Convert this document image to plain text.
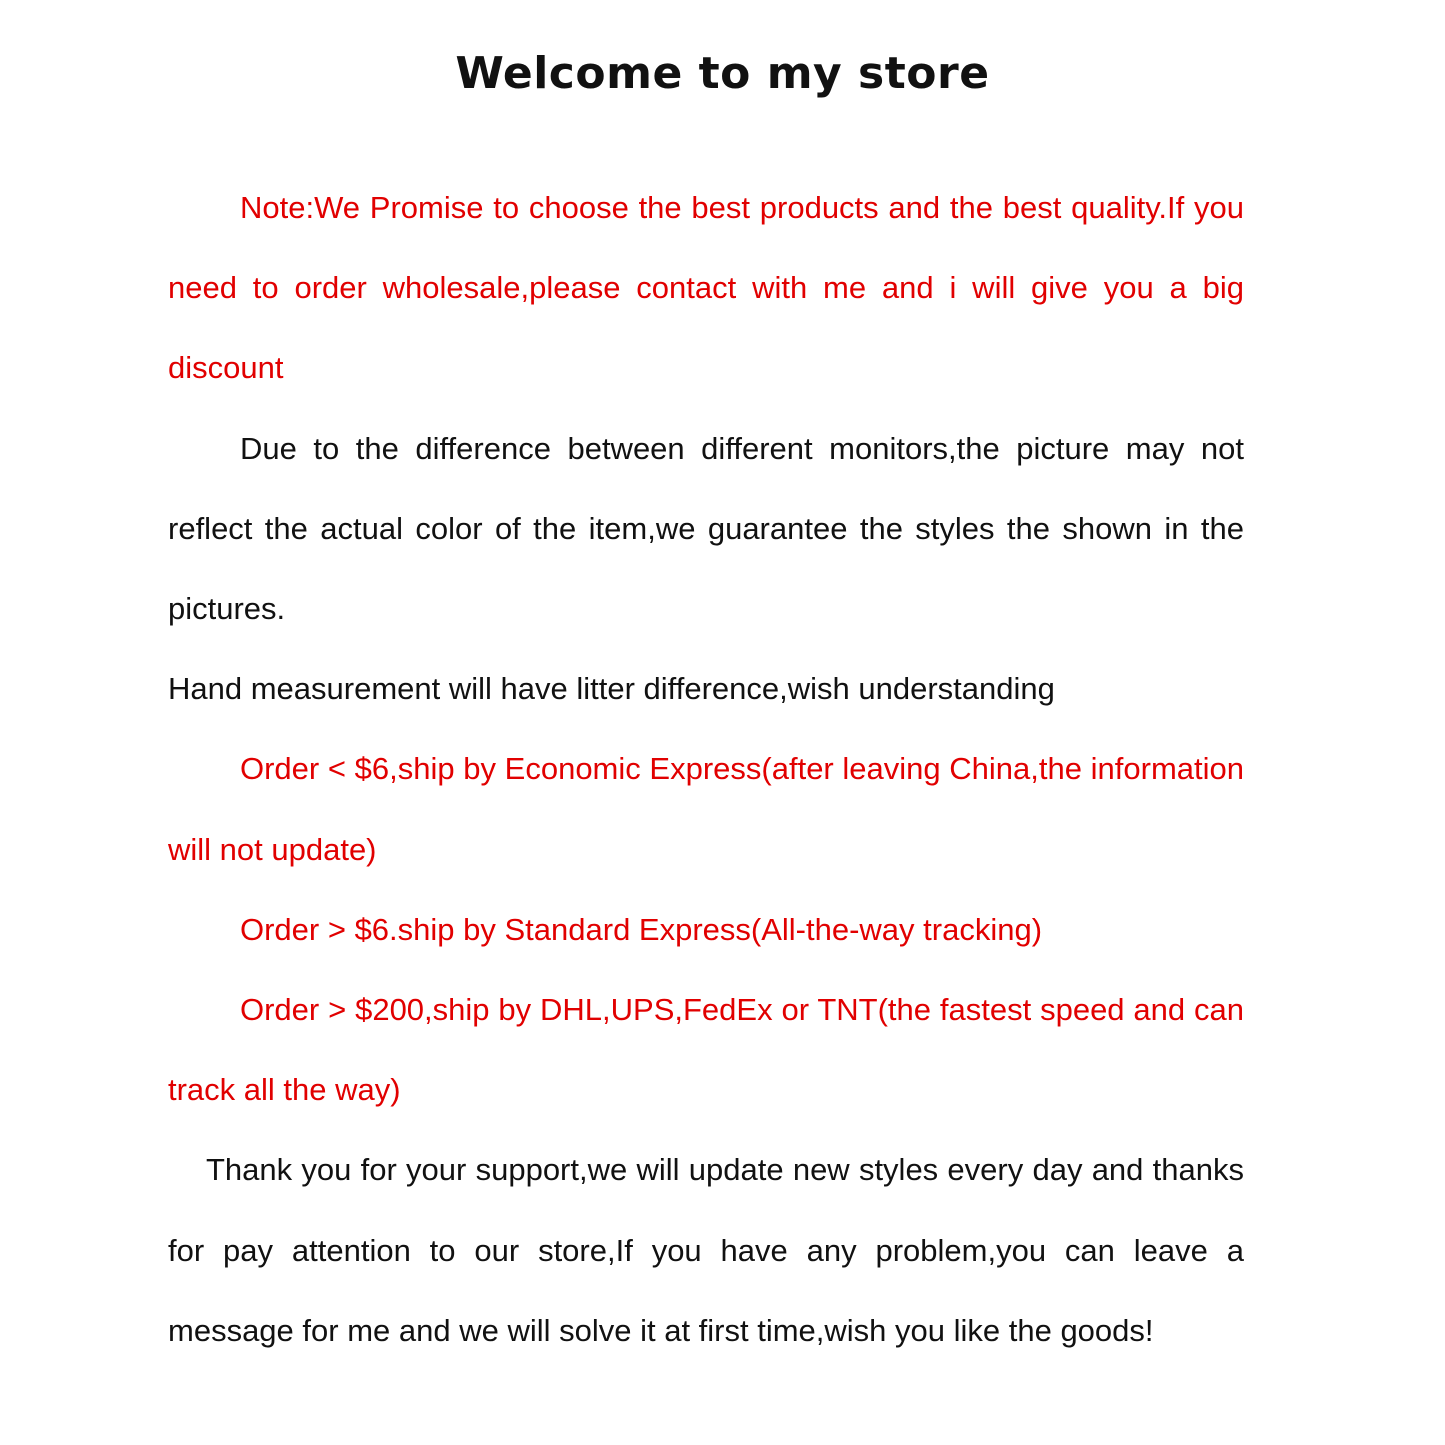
Welcome to my store

Note:We Promise to choose the best products and the best quality.If you need to order wholesale,please contact with me and i will give you a big discount

Due to the difference between different monitors,the picture may not reflect the actual color of the item,we guarantee the styles the shown in the pictures.

Hand measurement will have litter difference,wish understanding

Order < $6,ship by Economic Express(after leaving China,the information will not update)

Order > $6.ship by Standard Express(All-the-way tracking)

Order > $200,ship by DHL,UPS,FedEx or TNT(the fastest speed and can track all the way)

Thank you for your support,we will update new styles every day and thanks for pay attention to our store,If you have any problem,you can leave a message for me and we will solve it at first time,wish you like the goods!
